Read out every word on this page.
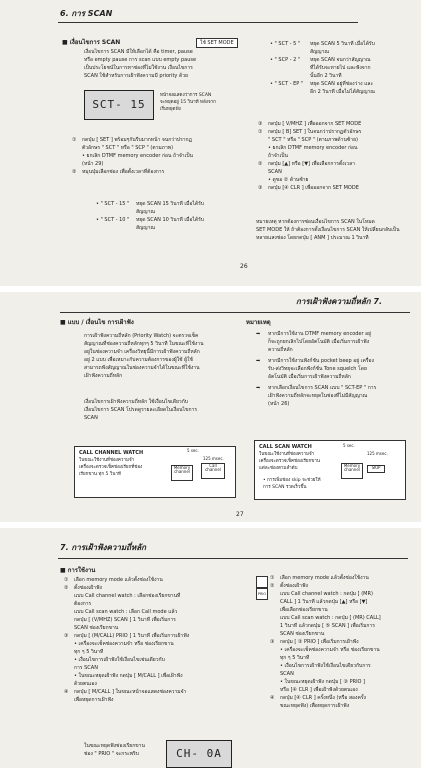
6. การ SCAN
■ เงื่อนไขการ SCAN	ใช้ SET MODE
เงื่อนไขการ SCAN มีให้เลือกได้ คือ timer, pause
หรือ empty pause การ scan แบบ empty pause
เป็นประโยชน์ในการหาช่องที่ไม่ใช้งาน เงื่อนไขการ
SCAN ใช้สำหรับการเฝ้าฟังความมี priority ด้วย
SCT- 15
หน้าจอแสดงว่าการ SCAN
จะหยุดอยู่ 15 วินาที หลังจาก
เริ่มหยุดฟัง
①	กดปุ่ม [ SET ] พร้อมๆกันรีบมากหน้า จนกว่าปรากฏ
ตัวอักษร " SCT " หรือ " SCP " (ตามภาพ)
• ยกเลิก DTMF memory encoder ก่อน ถ้าจำเป็น
(หน้า 29)
②	หมุนปุ่มเลือกช่อง เพื่อตั้งเวลาที่ต้องการ
• " SCT - 15 "	หยุด SCAN 15 วินาที เมื่อได้รับ
สัญญาณ
• " SCT - 10 "	หยุด SCAN 10 วินาที เมื่อได้รับ
สัญญาณ
• " SCT - 5 "	หยุด SCAN 5 วินาที เมื่อได้รับ
สัญญาณ
• " SCP - 2 "	หยุด SCAN จนกว่าสัญญาณ
ที่ได้รับจะหายไป และฟังจาก
นั้นอีก 2 วินาที
• " SCT - EP "	หยุด SCAN อยู่ที่ช่องว่าง และ
อีก 2 วินาที เมื่อไม่ได้สัญญาณ
③	กดปุ่ม [ V/MHZ ] เพื่อออกจาก SET MODE
①	กดปุ่ม [ B] SET ] ในจนกว่าปรากฏตัวอักษร
" SCT " หรือ " SCP " (ตามภาพด้านซ้าย)
• ยกเลิก DTMF memory encoder ก่อน
ถ้าจำเป็น
②	กดปุ่ม [▲] หรือ [▼] เพื่อเลือกการตั้งเวลา
SCAN
• ดูขอ ② ด้านซ้าย
③	กดปุ่ม [④ CLR ] เพื่อออกจาก SET MODE
หมายเหตุ หากต้องการซ่อนเงื่อนไขการ SCAN ในโหมด
SET MODE ให้ ถ้าต้องการตั้งเงื่อนไขการ SCAN ให้เปลี่ยนกลับเป็น
หลายแสงช่อง โดยกดปุ่ม [ ANM ] ประมาณ 1 วินาที
26
การเฝ้าฟังความถี่หลัก 7.
■ แบบ / เงื่อนไข การเฝ้าฟัง
การเฝ้าฟังความถี่หลัก (Priority Watch) จะตรวจเช็ค
สัญญาณที่ช่องความถี่หลักทุกๆ 5 วินาที ในขณะที่ใช้งาน
อยู่ในช่องความจำ เครื่องวิทยุนี้มีการเฝ้าฟังความถี่หลัก
อยู่ 2 แบบ เพื่อเหมาะกับความต้องการของผู้ใช้ ผู้ใช้
สามารถฟังสัญญาณในช่องความจำได้ในขณะที่ใช้งาน
เฝ้าฟังความถี่หลัก
เงื่อนไขการเฝ้าฟังความถี่หลัก ใช้เงื่อนไขเดียวกับ
เงื่อนไขการ SCAN โปรดดูรายละเอียดในเงื่อนไขการ
SCAN
หมายเหตุ
➡	หากมีการใช้งาน DTMF memory encoder อยู่
ก็จะถูกยกเลิกไปโดยอัตโนมัติ เมื่อเริ่มการเฝ้าฟัง
ความถี่หลัก
➡	หากมีการใช้งานฟังก์ชัน pocket beep อยู่ เครื่อง
รับ-ส่งวิทยุจะเลือกฟังก์ชั่น Tone squelch โดย
อัตโนมัติ เมื่อเริ่มการเฝ้าฟังความถี่หลัก
➡	หากเลือกเงื่อนไขการ SCAN แบบ " SCT-EP " การ
เฝ้าฟังความถี่หลักจะหยุดในช่องที่ไม่มีสัญญาณ
(หน้า 26)
CALL CHANNEL WATCH
ในขณะใช้งานที่ช่องความจำ
เครื่องจะตรวจเช็คช่องเรียกที่ช่อง
เรียกขาน ทุก 5 วินาที
5 sec.
125 msec.
Memory channel
Call channel
CALL SCAN WATCH
ในขณะใช้งานที่ช่องความจำ
เครื่องจะตรวจเช็คช่องเรียกขาน
แต่ละช่องตามลำดับ
• การเพิ่มช่อง skip จะช่วยให้
การ SCAN รวดเร็วขึ้น
5 sec.
125 msec.
Memory channel	SKIP
27
7. การเฝ้าฟังความถี่หลัก
■ การใช้งาน
①	เลือก memory mode แล้วตั้งช่องใช้งาน
②	ตั้งช่องเฝ้าฟัง
แบบ Call channel watch : เลือกช่องเรียกขานที่
ต้องการ
แบบ Call scan watch : เลือก Call mode แล้ว
กดปุ่ม [ (V/MHZ) SCAN ] 1 วินาที เพื่อเริ่มการ
SCAN ช่องเรียกขาน
③	กดปุ่ม [ (M/CALL) PRIO ] 1 วินาที เพื่อเริ่มการเฝ้าฟัง
• เครื่องจะเช็คช่องความจำ หรือ ช่องเรียกขาน
ทุก ๆ 5 วินาที
• เงื่อนไขการเฝ้าฟังใช้เงื่อนไขเช่นเดียวกับ
การ SCAN
• ในขณะหยุดเฝ้าฟัง กดปุ่ม [ M/CALL ] เพื่อเฝ้าฟัง
ด้วยตนเอง
④	กดปุ่ม [ M/CALL ] ในขณะหน้าจอแสดงช่องความจำ
เพื่อหยุดการเฝ้าฟัง
ในขณะหยุดฟังช่องเรียกขาน
ช่อง " PRIO " จะกระพริบ	CH- 0A
PRIO
①	เลือก memory mode แล้วตั้งช่องใช้งาน
②	ตั้งช่องเฝ้าฟัง
แบบ Call channel watch : กดปุ่ม [ (MR)
CALL ] 1 วินาที แล้วกดปุ่ม [▲] หรือ [▼]
เพื่อเลือกช่องเรียกขาน
แบบ Call scan watch : กดปุ่ม [ (MR) CALL]
1 วินาที แล้วกดปุ่ม [ ⑤ SCAN ] เพื่อเริ่มการ
SCAN ช่องเรียกขาน
③	กดปุ่ม [ ③ PRIO ] เพื่อเริ่มการเฝ้าฟัง
• เครื่องจะเช็คช่องความจำ หรือ ช่องเรียกขาน
ทุก ๆ 5 วินาที
• เงื่อนไขการเฝ้าฟังใช้เงื่อนไขเดียวกับการ
SCAN
• ในขณะหยุดเฝ้าฟัง กดปุ่ม [ ③ PRIO ]
หรือ [④ CLR ] เพื่อเฝ้าฟังด้วยตนเอง
④	กดปุ่ม [④ CLR ] ครั้งหนึ่ง (หรือ สองครั้ง
ขณะหยุดฟัง) เพื่อหยุดการเฝ้าฟัง
